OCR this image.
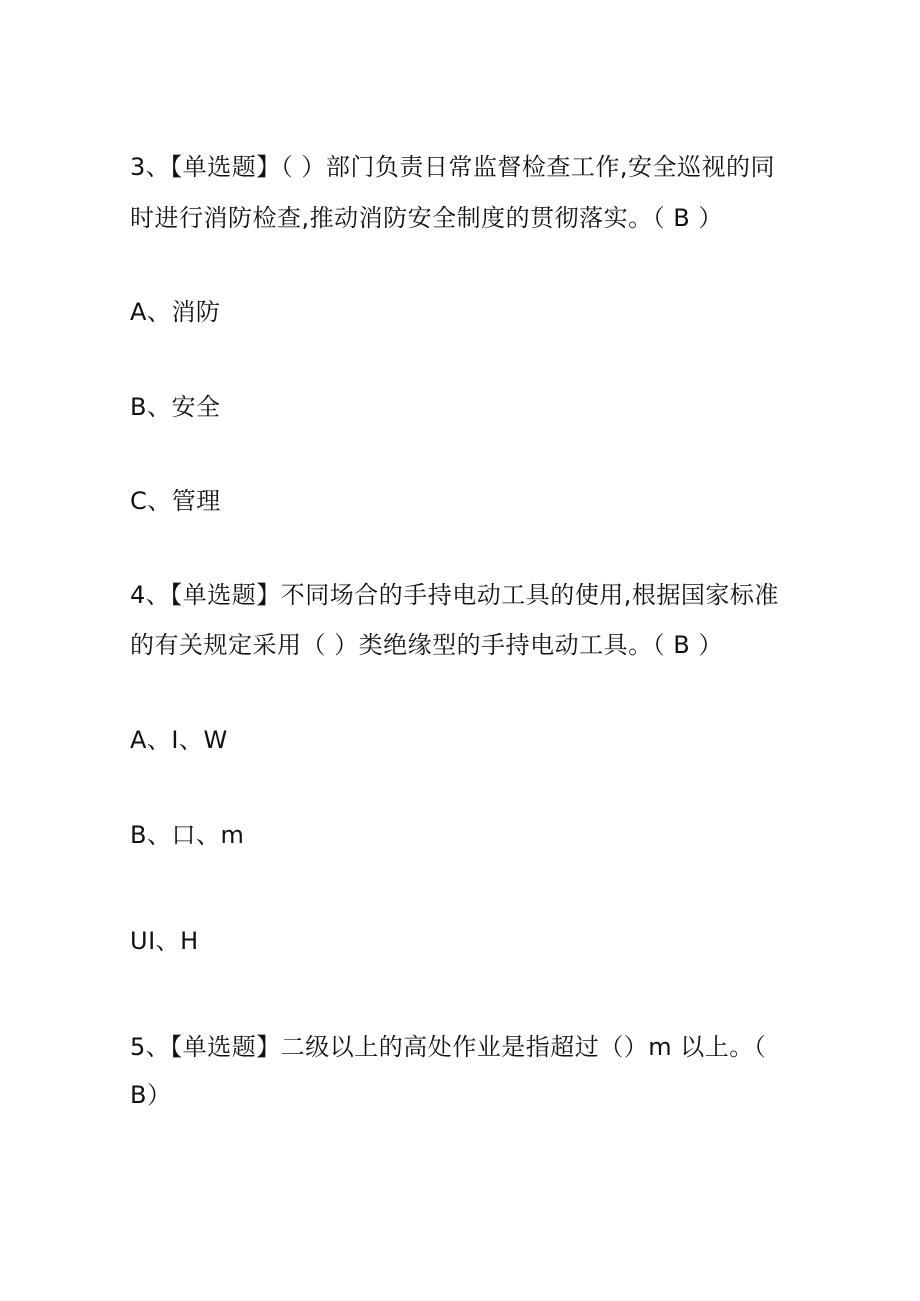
3、【单选题】（ ）部门负责日常监督检查工作,安全巡视的同
时进行消防检查,推动消防安全制度的贯彻落实。（ B ）
A、消防
B、安全
C、管理
4、【单选题】不同场合的手持电动工具的使用,根据国家标准
的有关规定采用（ ）类绝缘型的手持电动工具。（ B ）
A、I、W
B、口、m
UI、H
5、【单选题】二级以上的高处作业是指超过（）m 以上。（
B）
